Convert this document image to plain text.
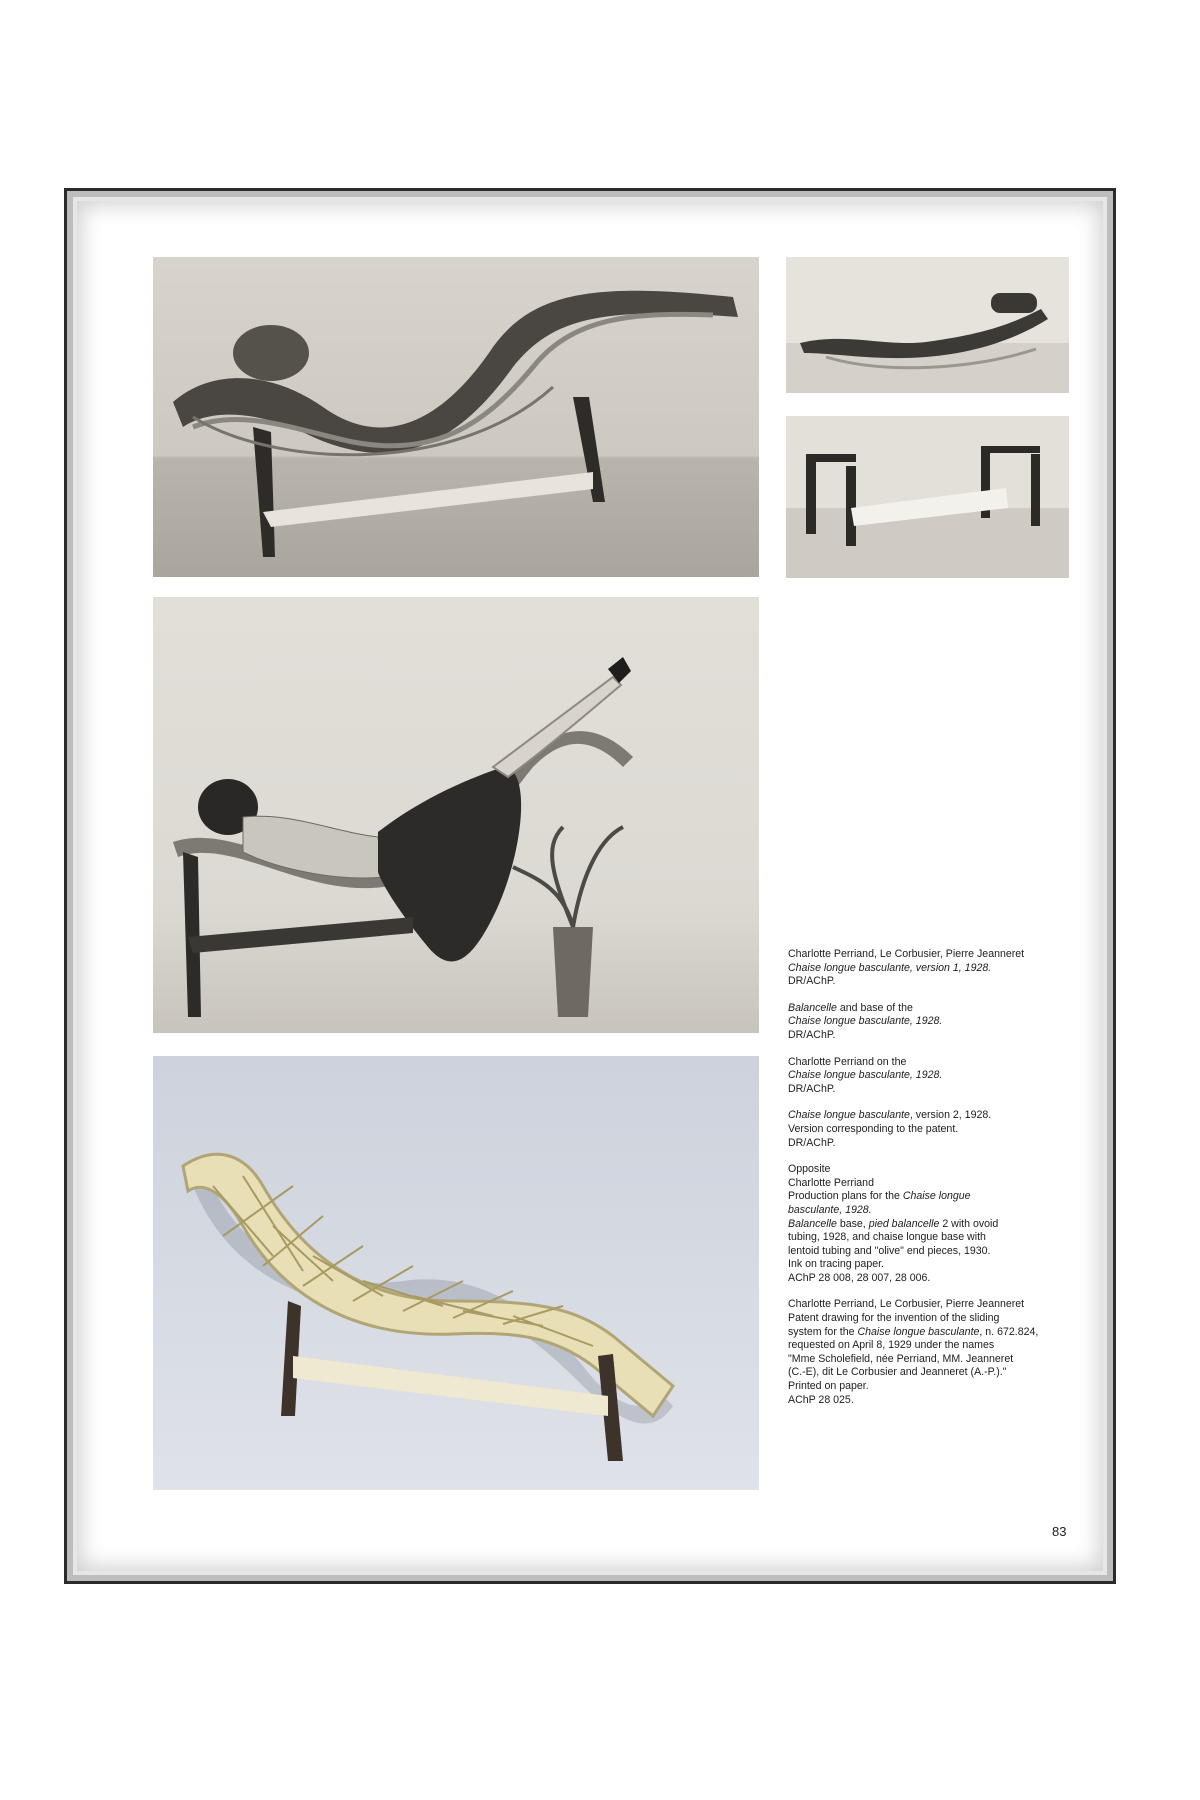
Charlotte Perriand, Le Corbusier, Pierre Jeanneret
Chaise longue basculante, version 1, 1928.
DR/AChP.

Balancelle and base of the
Chaise longue basculante, 1928.
DR/AChP.

Charlotte Perriand on the
Chaise longue basculante, 1928.
DR/AChP.

Chaise longue basculante, version 2, 1928.
Version corresponding to the patent.
DR/AChP.

Opposite
Charlotte Perriand
Production plans for the Chaise longue
basculante, 1928.
Balancelle base, pied balancelle 2 with ovoid
tubing, 1928, and chaise longue base with
lentoid tubing and "olive" end pieces, 1930.
Ink on tracing paper.
AChP 28 008, 28 007, 28 006.

Charlotte Perriand, Le Corbusier, Pierre Jeanneret
Patent drawing for the invention of the sliding
system for the Chaise longue basculante, n. 672.824,
requested on April 8, 1929 under the names
"Mme Scholefield, née Perriand, MM. Jeanneret
(C.-E), dit Le Corbusier and Jeanneret (A.-P.)."
Printed on paper.
AChP 28 025.

83
